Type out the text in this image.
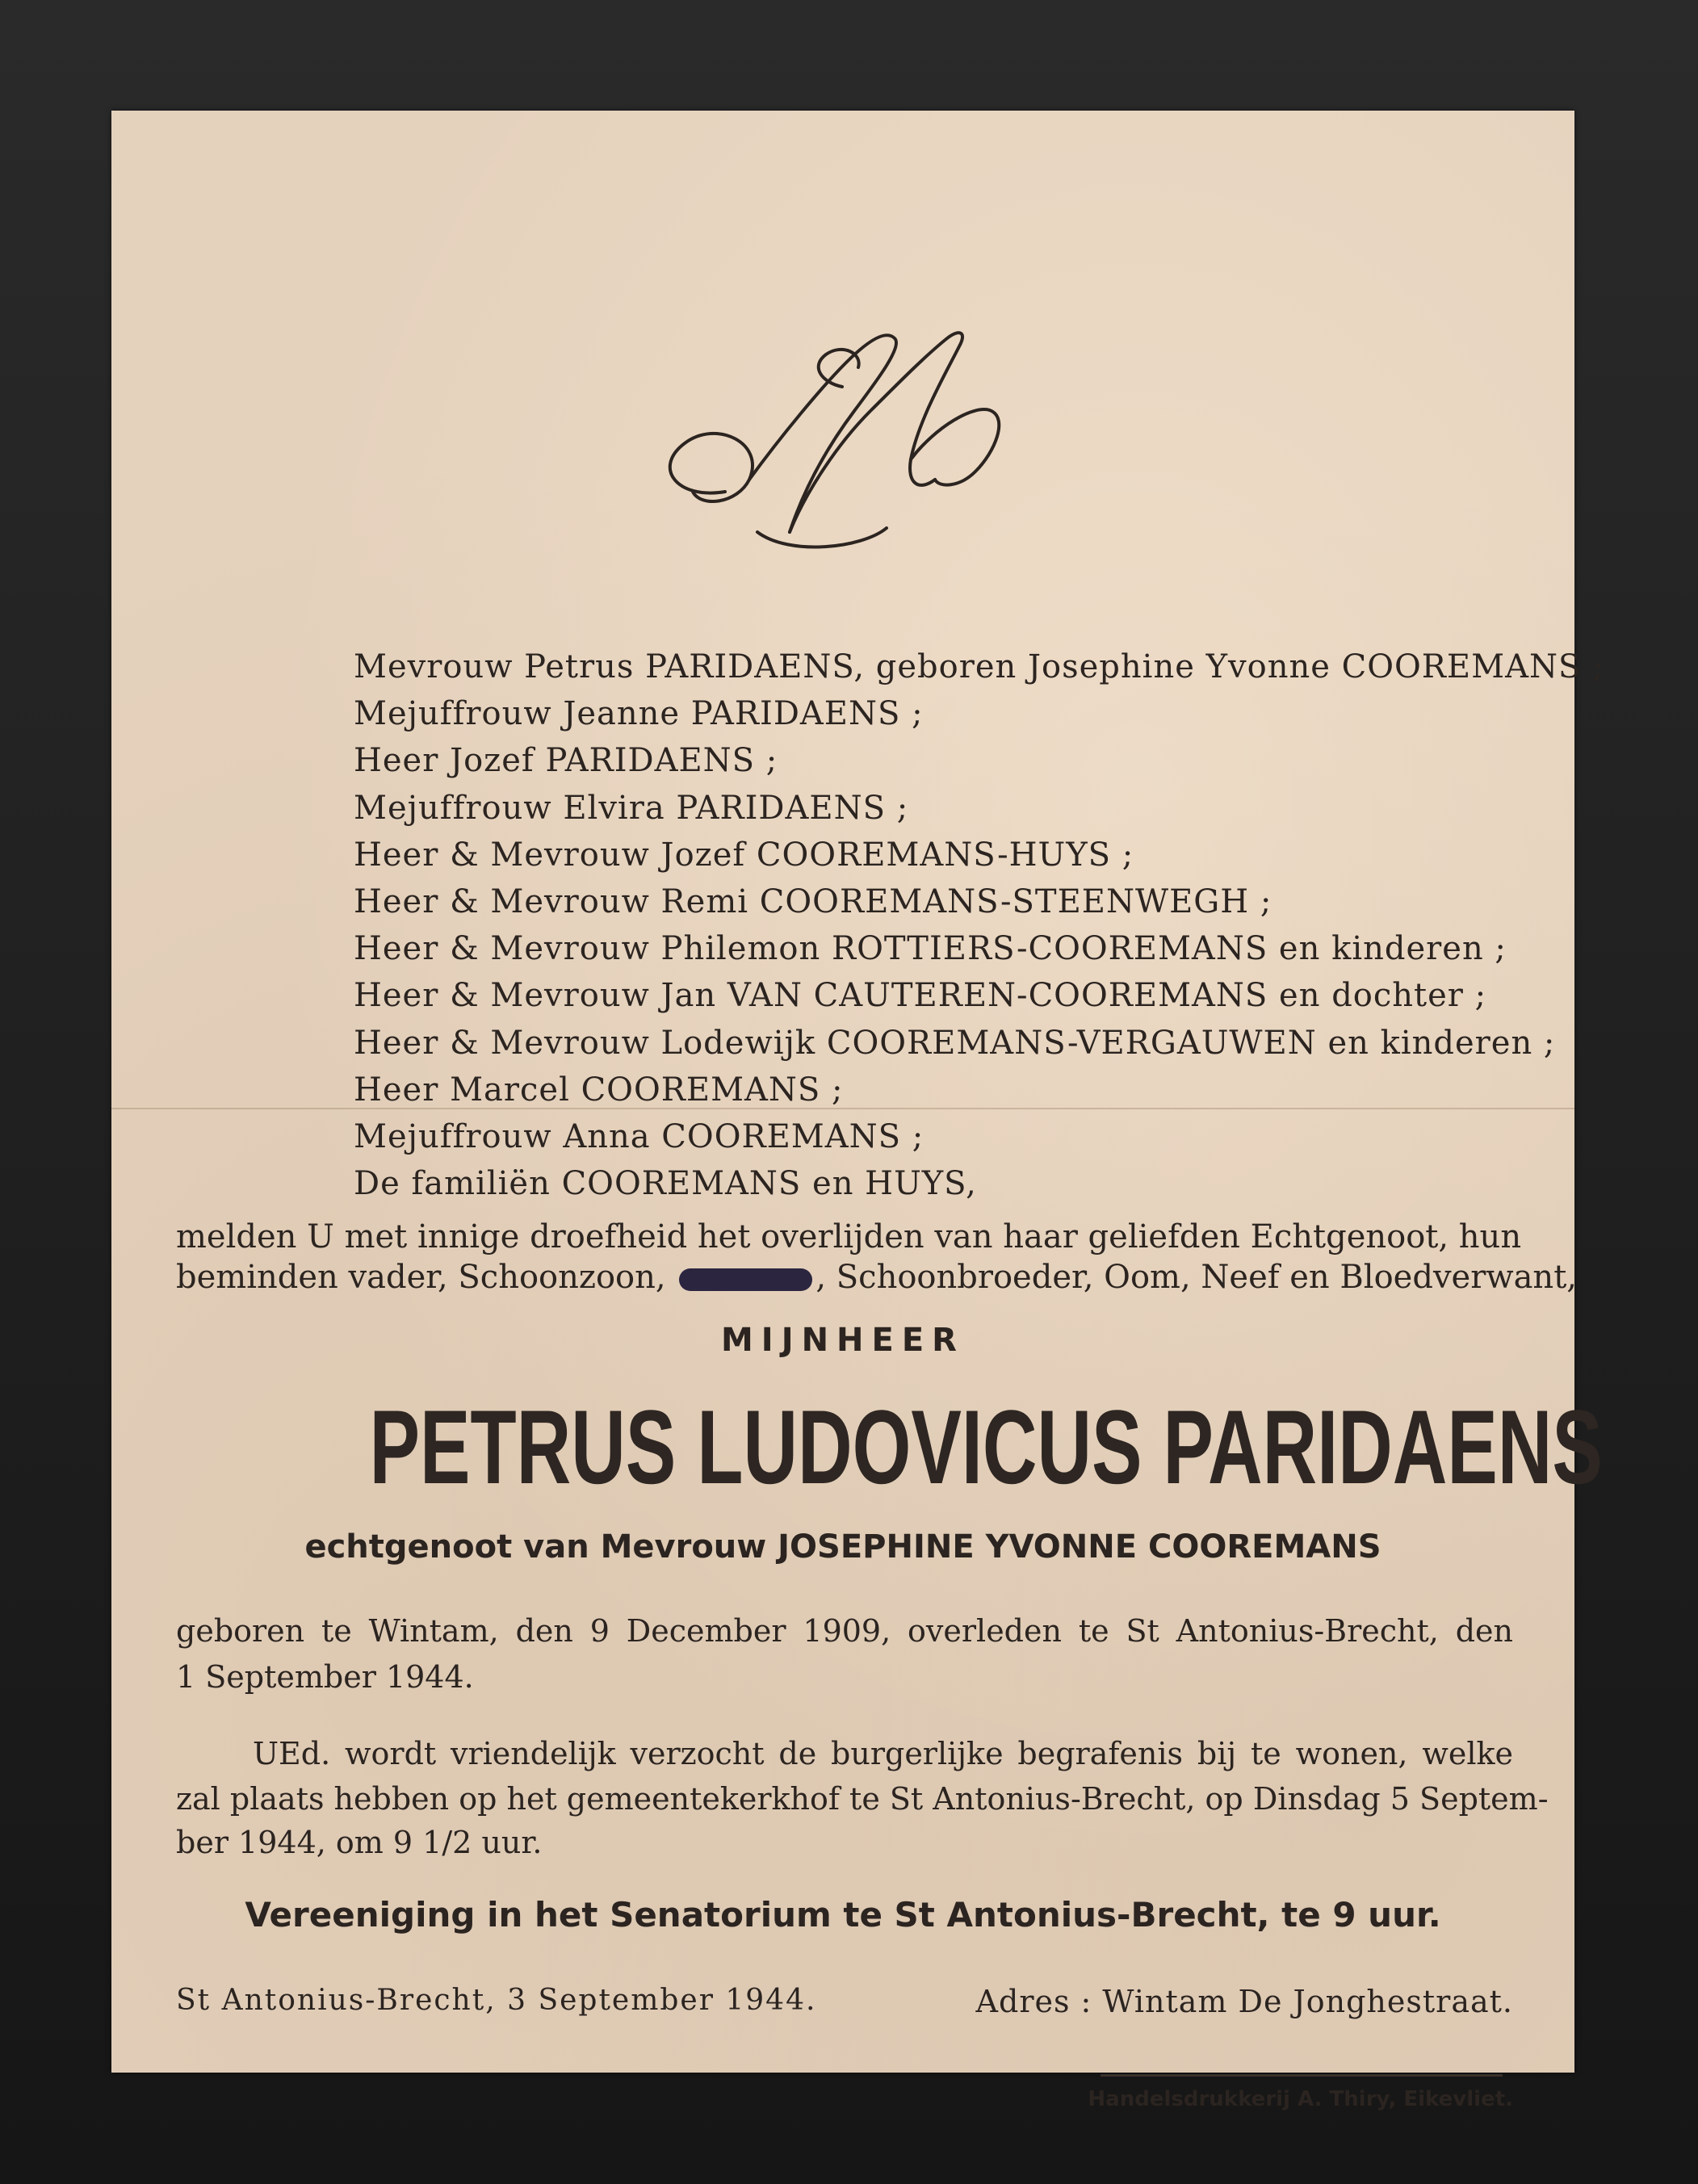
Mevrouw Petrus PARIDAENS, geboren Josephine Yvonne COOREMANS ;
Mejuffrouw Jeanne PARIDAENS ;
Heer Jozef PARIDAENS ;
Mejuffrouw Elvira PARIDAENS ;
Heer & Mevrouw Jozef COOREMANS-HUYS ;
Heer & Mevrouw Remi COOREMANS-STEENWEGH ;
Heer & Mevrouw Philemon ROTTIERS-COOREMANS en kinderen ;
Heer & Mevrouw Jan VAN CAUTEREN-COOREMANS en dochter ;
Heer & Mevrouw Lodewijk COOREMANS-VERGAUWEN en kinderen ;
Heer Marcel COOREMANS ;
Mejuffrouw Anna COOREMANS ;
De familiën COOREMANS en HUYS,
melden U met innige droefheid het overlijden van haar geliefden Echtgenoot, hun
beminden vader, Schoonzoon,	, Schoonbroeder, Oom, Neef en Bloedverwant,
MIJNHEER
PETRUS LUDOVICUS PARIDAENS
echtgenoot van Mevrouw JOSEPHINE YVONNE COOREMANS
geboren te Wintam, den 9 December 1909, overleden te St Antonius-Brecht, den
1 September 1944.
UEd. wordt vriendelijk verzocht de burgerlijke begrafenis bij te wonen, welke
zal plaats hebben op het gemeentekerkhof te St Antonius-Brecht, op Dinsdag 5 Septem-
ber 1944, om 9 1/2 uur.
Vereeniging in het Senatorium te St Antonius-Brecht, te 9 uur.
St Antonius-Brecht, 3 September 1944.	Adres : Wintam De Jonghestraat.
Handelsdrukkerij A. Thiry, Eikevliet.
